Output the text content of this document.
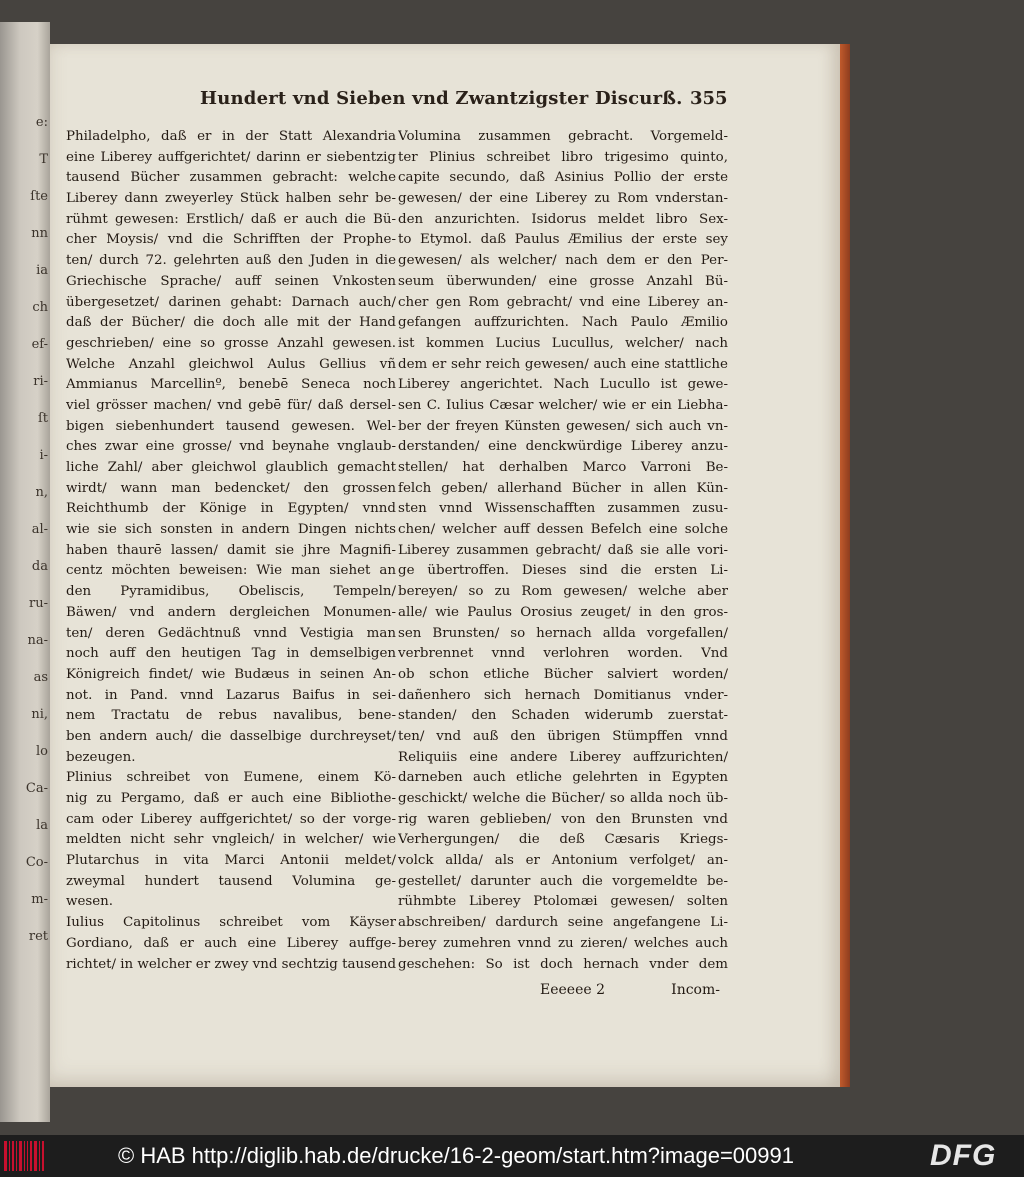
e:
T
ſte
nn
ia
ch
ef-
ri-
ſt
i-
n,
al-
da
ru-
na-
as
ni,
lo
Ca-
la
Co-
m-
ret
Hundert vnd Sieben vnd Zwantzigster Discurß. 355
Philadelpho, daß er in der Statt Alexandria
eine Liberey auffgerichtet/ darinn er siebentzig
tausend Bücher zusammen gebracht: welche
Liberey dann zweyerley Stück halben sehr be-
rühmt gewesen: Erstlich/ daß er auch die Bü-
cher Moysis/ vnd die Schrifften der Prophe-
ten/ durch 72. gelehrten auß den Juden in die
Griechische Sprache/ auff seinen Vnkosten
übergesetzet/ darinen gehabt: Darnach auch/
daß der Bücher/ die doch alle mit der Hand
geschrieben/ eine so grosse Anzahl gewesen.
Welche Anzahl gleichwol Aulus Gellius vñ
Ammianus Marcellinº, benebē Seneca noch
viel grösser machen/ vnd gebē für/ daß dersel-
bigen siebenhundert tausend gewesen. Wel-
ches zwar eine grosse/ vnd beynahe vnglaub-
liche Zahl/ aber gleichwol glaublich gemacht
wirdt/ wann man bedencket/ den grossen
Reichthumb der Könige in Egypten/ vnnd
wie sie sich sonsten in andern Dingen nichts
haben thaurē lassen/ damit sie jhre Magnifi-
centz möchten beweisen: Wie man siehet an
den Pyramidibus, Obeliscis, Tempeln/
Bäwen/ vnd andern dergleichen Monumen-
ten/ deren Gedächtnuß vnnd Vestigia man
noch auff den heutigen Tag in demselbigen
Königreich findet/ wie Budæus in seinen An-
not. in Pand. vnnd Lazarus Baifus in sei-
nem Tractatu de rebus navalibus, bene-
ben andern auch/ die dasselbige durchreyset/
bezeugen.
Plinius schreibet von Eumene, einem Kö-
nig zu Pergamo, daß er auch eine Bibliothe-
cam oder Liberey auffgerichtet/ so der vorge-
meldten nicht sehr vngleich/ in welcher/ wie
Plutarchus in vita Marci Antonii meldet/
zweymal hundert tausend Volumina ge-
wesen.
Iulius Capitolinus schreibet vom Käyser
Gordiano, daß er auch eine Liberey auffge-
richtet/ in welcher er zwey vnd sechtzig tausend
Volumina zusammen gebracht. Vorgemeld-
ter Plinius schreibet libro trigesimo quinto,
capite secundo, daß Asinius Pollio der erste
gewesen/ der eine Liberey zu Rom vnderstan-
den anzurichten. Isidorus meldet libro Sex-
to Etymol. daß Paulus Æmilius der erste sey
gewesen/ als welcher/ nach dem er den Per-
seum überwunden/ eine grosse Anzahl Bü-
cher gen Rom gebracht/ vnd eine Liberey an-
gefangen auffzurichten. Nach Paulo Æmilio
ist kommen Lucius Lucullus, welcher/ nach
dem er sehr reich gewesen/ auch eine stattliche
Liberey angerichtet. Nach Lucullo ist gewe-
sen C. Iulius Cæsar welcher/ wie er ein Liebha-
ber der freyen Künsten gewesen/ sich auch vn-
derstanden/ eine denckwürdige Liberey anzu-
stellen/ hat derhalben Marco Varroni Be-
felch geben/ allerhand Bücher in allen Kün-
sten vnnd Wissenschafften zusammen zusu-
chen/ welcher auff dessen Befelch eine solche
Liberey zusammen gebracht/ daß sie alle vori-
ge übertroffen. Dieses sind die ersten Li-
bereyen/ so zu Rom gewesen/ welche aber
alle/ wie Paulus Orosius zeuget/ in den gros-
sen Brunsten/ so hernach allda vorgefallen/
verbrennet vnnd verlohren worden. Vnd
ob schon etliche Bücher salviert worden/
dañenhero sich hernach Domitianus vnder-
standen/ den Schaden widerumb zuerstat-
ten/ vnd auß den übrigen Stümpffen vnnd
Reliquiis eine andere Liberey auffzurichten/
darneben auch etliche gelehrten in Egypten
geschickt/ welche die Bücher/ so allda noch üb-
rig waren geblieben/ von den Brunsten vnd
Verhergungen/ die deß Cæsaris Kriegs-
volck allda/ als er Antonium verfolget/ an-
gestellet/ darunter auch die vorgemeldte be-
rühmbte Liberey Ptolomæi gewesen/ solten
abschreiben/ dardurch seine angefangene Li-
berey zumehren vnnd zu zieren/ welches auch
geschehen: So ist doch hernach vnder dem
Eeeeee 2	Incom-
© HAB http://diglib.hab.de/drucke/16-2-geom/start.htm?image=00991	DFG
